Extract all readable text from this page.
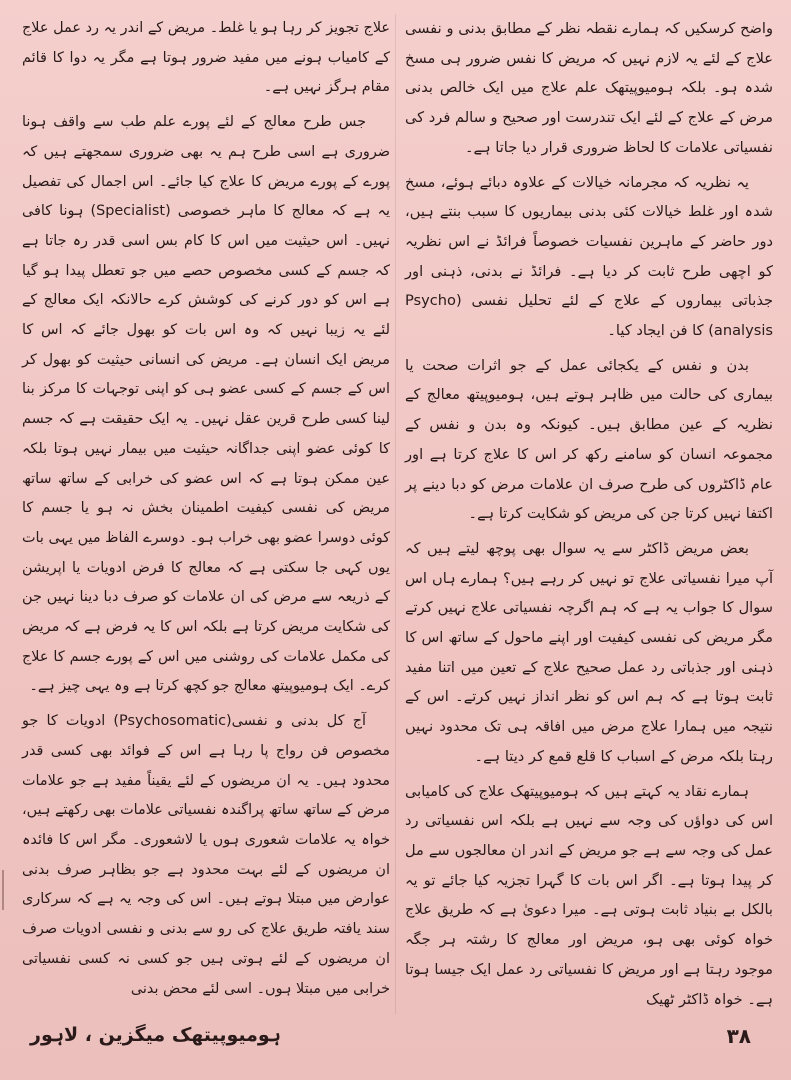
واضح کرسکیں کہ ہمارے نقطہ نظر کے مطابق بدنی و نفسی علاج کے لئے یہ لازم نہیں کہ مریض کا نفس ضرور ہی مسخ شدہ ہو۔ بلکہ ہومیوپیتھک علم علاج میں ایک خالص بدنی مرض کے علاج کے لئے ایک تندرست اور صحیح و سالم فرد کی نفسیاتی علامات کا لحاظ ضروری قرار دیا جاتا ہے۔

یہ نظریہ کہ مجرمانہ خیالات کے علاوہ دبائے ہوئے، مسخ شدہ اور غلط خیالات کئی بدنی بیماریوں کا سبب بنتے ہیں، دور حاضر کے ماہرین نفسیات خصوصاً فرائڈ نے اس نظریہ کو اچھی طرح ثابت کر دیا ہے۔ فرائڈ نے بدنی، ذہنی اور جذباتی بیماروں کے علاج کے لئے تحلیل نفسی (Psycho analysis) کا فن ایجاد کیا۔

بدن و نفس کے یکجائی عمل کے جو اثرات صحت یا بیماری کی حالت میں ظاہر ہوتے ہیں، ہومیوپیتھ معالج کے نظریہ کے عین مطابق ہیں۔ کیونکہ وہ بدن و نفس کے مجموعہ انسان کو سامنے رکھ کر اس کا علاج کرتا ہے اور عام ڈاکٹروں کی طرح صرف ان علامات مرض کو دبا دینے پر اکتفا نہیں کرتا جن کی مریض کو شکایت کرتا ہے۔

بعض مریض ڈاکٹر سے یہ سوال بھی پوچھ لیتے ہیں کہ آپ میرا نفسیاتی علاج تو نہیں کر رہے ہیں؟ ہمارے ہاں اس سوال کا جواب یہ ہے کہ ہم اگرچہ نفسیاتی علاج نہیں کرتے مگر مریض کی نفسی کیفیت اور اپنے ماحول کے ساتھ اس کا ذہنی اور جذباتی رد عمل صحیح علاج کے تعین میں اتنا مفید ثابت ہوتا ہے کہ ہم اس کو نظر انداز نہیں کرتے۔ اس کے نتیجہ میں ہمارا علاج مرض میں افاقہ ہی تک محدود نہیں رہتا بلکہ مرض کے اسباب کا قلع قمع کر دیتا ہے۔

ہمارے نقاد یہ کہتے ہیں کہ ہومیوپیتھک علاج کی کامیابی اس کی دواؤں کی وجہ سے نہیں ہے بلکہ اس نفسیاتی رد عمل کی وجہ سے ہے جو مریض کے اندر ان معالجوں سے مل کر پیدا ہوتا ہے۔ اگر اس بات کا گہرا تجزیہ کیا جائے تو یہ بالکل بے بنیاد ثابت ہوتی ہے۔ میرا دعویٰ ہے کہ طریق علاج خواہ کوئی بھی ہو، مریض اور معالج کا رشتہ ہر جگہ موجود رہتا ہے اور مریض کا نفسیاتی رد عمل ایک جیسا ہوتا ہے۔ خواہ ڈاکٹر ٹھیک

علاج تجویز کر رہا ہو یا غلط۔ مریض کے اندر یہ رد عمل علاج کے کامیاب ہونے میں مفید ضرور ہوتا ہے مگر یہ دوا کا قائم مقام ہرگز نہیں ہے۔

جس طرح معالج کے لئے پورے علم طب سے واقف ہونا ضروری ہے اسی طرح ہم یہ بھی ضروری سمجھتے ہیں کہ پورے کے پورے مریض کا علاج کیا جائے۔ اس اجمال کی تفصیل یہ ہے کہ معالج کا ماہر خصوصی (Specialist) ہونا کافی نہیں۔ اس حیثیت میں اس کا کام بس اسی قدر رہ جاتا ہے کہ جسم کے کسی مخصوص حصے میں جو تعطل پیدا ہو گیا ہے اس کو دور کرنے کی کوشش کرے حالانکہ ایک معالج کے لئے یہ زیبا نہیں کہ وہ اس بات کو بھول جائے کہ اس کا مریض ایک انسان ہے۔ مریض کی انسانی حیثیت کو بھول کر اس کے جسم کے کسی عضو ہی کو اپنی توجہات کا مرکز بنا لینا کسی طرح قرین عقل نہیں۔ یہ ایک حقیقت ہے کہ جسم کا کوئی عضو اپنی جداگانہ حیثیت میں بیمار نہیں ہوتا بلکہ عین ممکن ہوتا ہے کہ اس عضو کی خرابی کے ساتھ ساتھ مریض کی نفسی کیفیت اطمینان بخش نہ ہو یا جسم کا کوئی دوسرا عضو بھی خراب ہو۔ دوسرے الفاظ میں یہی بات یوں کہی جا سکتی ہے کہ معالج کا فرض ادویات یا اپریشن کے ذریعہ سے مرض کی ان علامات کو صرف دبا دینا نہیں جن کی شکایت مریض کرتا ہے بلکہ اس کا یہ فرض ہے کہ مریض کی مکمل علامات کی روشنی میں اس کے پورے جسم کا علاج کرے۔ ایک ہومیوپیتھ معالج جو کچھ کرتا ہے وہ یہی چیز ہے۔

آج کل بدنی و نفسی(Psychosomatic) ادویات کا جو مخصوص فن رواج پا رہا ہے اس کے فوائد بھی کسی قدر محدود ہیں۔ یہ ان مریضوں کے لئے یقیناً مفید ہے جو علامات مرض کے ساتھ ساتھ پراگندہ نفسیاتی علامات بھی رکھتے ہیں، خواہ یہ علامات شعوری ہوں یا لاشعوری۔ مگر اس کا فائدہ ان مریضوں کے لئے بہت محدود ہے جو بظاہر صرف بدنی عوارض میں مبتلا ہوتے ہیں۔ اس کی وجہ یہ ہے کہ سرکاری سند یافتہ طریق علاج کی رو سے بدنی و نفسی ادویات صرف ان مریضوں کے لئے ہوتی ہیں جو کسی نہ کسی نفسیاتی خرابی میں مبتلا ہوں۔ اسی لئے محض بدنی

۳۸
ہومیوپیتھک میگزین ، لاہور
